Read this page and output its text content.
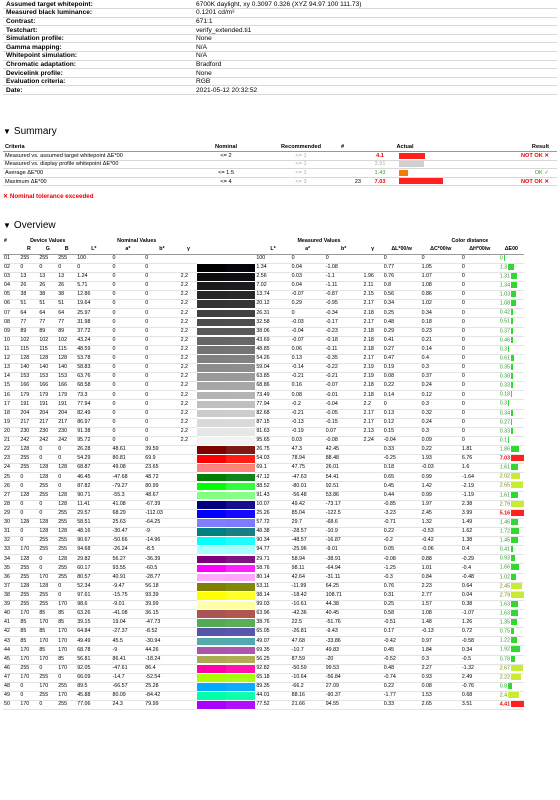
Assumed target whitepoint:	6700K daylight, xy 0.3097 0.326 (XYZ 94.97 100 111.73)
Measured black luminance:	0.1201 cd/m²
Contrast:	671:1
Testchart:	verify_extended.ti1
Simulation profile:	None
Gamma mapping:	N/A
Whitepoint simulation:	N/A
Chromatic adaptation:	Bradford
Devicelink profile:	None
Evaluation criteria:	RGB
Date:	2021-05-12 20:32:52
▼ Summary
Criteria	Nominal	Recommended	#	Actual		Result
Measured vs. assumed target whitepoint ΔE*00	<= 2	<= 1		4.1		NOT OK ✕
Measured vs. display profile whitepoint ΔE*00		<= 1		3.91		
Average ΔE*00	<= 1.5	<= 1		1.43		OK ✓
Maximum ΔE*00	<= 4	<= 3	23	7.03		NOT OK ✕
✕ Nominal tolerance exceeded
▼ Overview
#	Device Values			Nominal Values						Measured Values				Color distance			
	R	G	B	L*	a*	b*	γ			L*	a*	b*	γ	ΔL*00/w	ΔC*00/w	ΔH*00/w	ΔE00
01	255	255	255	100	0	0				100	0	0		0	0	0	0
02	0	0	0	0	0	0				1.34	0.04	-1.08		0.77	1.05	0	1.3
03	13	13	13	1.24	0	0	2.2			2.56	0.03	-1.1	1.96	0.76	1.07	0	1.31
04	26	26	26	5.71	0	0	2.2			7.02	0.04	-1.11	2.11	0.8	1.08	0	1.34
05	38	38	38	12.86	0	0	2.2			13.74	-0.07	-0.87	2.15	0.56	0.86	0	1.03
06	51	51	51	19.64	0	0	2.2			20.12	0.29	-0.95	2.17	0.34	1.02	0	1.08
07	64	64	64	25.97	0	0	2.2			26.31	0	-0.34	2.18	0.25	0.34	0	0.42
08	77	77	77	31.98	0	0	2.2			32.58	-0.03	-0.17	2.17	0.48	0.18	0	0.51
09	89	89	89	37.72	0	0	2.2			38.06	-0.04	-0.23	2.18	0.29	0.23	0	0.37
10	102	102	102	43.24	0	0	2.2			43.69	-0.07	-0.18	2.18	0.41	0.21	0	0.46
11	115	115	115	48.59	0	0	2.2			48.85	0.06	-0.11	2.18	0.27	0.14	0	0.3
12	128	128	128	53.78	0	0	2.2			54.26	0.13	-0.35	2.17	0.47	0.4	0	0.61
13	140	140	140	58.83	0	0	2.2			59.04	-0.14	-0.22	2.19	0.19	0.3	0	0.35
14	153	153	153	63.76	0	0	2.2			63.85	-0.21	-0.21	2.19	0.08	0.37	0	0.38
15	166	166	166	68.58	0	0	2.2			68.86	0.16	-0.07	2.18	0.22	0.24	0	0.33
16	179	179	179	73.3	0	0	2.2			73.49	0.08	-0.01	2.18	0.14	0.12	0	0.18
17	191	191	191	77.94	0	0	2.2			77.94	-0.2	-0.04	2.2	0	0.3	0	0.3
18	204	204	204	82.49	0	0	2.2			82.68	-0.21	-0.05	2.17	0.13	0.32	0	0.34
19	217	217	217	86.97	0	0	2.2			87.15	-0.13	-0.15	2.17	0.12	0.24	0	0.27
20	230	230	230	91.38	0	0	2.2			91.63	-0.19	0.07	2.13	0.15	0.3	0	0.33
21	242	242	242	95.72	0	0	2.2			95.65	0.03	-0.08	2.24	-0.04	0.09	0	0.1
22	128	0	0	26.28	48.61	39.59				26.75	47.3	42.45		0.33	0.22	1.81	1.86
23	255	0	0	54.29	80.81	69.9				54.03	78.94	88.48		-0.25	1.93	6.76	7.03
24	255	128	128	68.87	49.08	23.65				69.1	47.75	26.01		0.18	-0.03	1.6	1.61
25	0	128	0	46.45	-47.68	48.72				47.12	-47.63	54.41		0.65	0.99	-1.64	2.02
26	0	255	0	87.82	-79.27	80.99				88.52	-80.01	92.51		0.45	1.42	-2.19	2.65
27	128	255	128	90.71	-55.3	48.67				91.43	-56.48	53.86		0.44	0.99	-1.19	1.61
28	0	0	128	11.41	41.08	-67.39				10.07	49.42	-73.17		-0.85	1.97	2.38	2.79
29	0	0	255	29.57	68.29	-112.03				25.26	85.04	-122.5		-3.23	2.45	3.99	5.16
30	128	128	255	58.51	25.63	-64.25				57.72	29.7	-68.6		-0.71	1.32	1.49	1.46
31	0	128	128	48.16	-30.47	-9				48.38	-28.57	-10.9		0.22	-0.53	1.62	1.72
32	0	255	255	90.67	-50.66	-14.96				90.34	-48.57	-16.87		-0.2	-0.42	1.38	1.45
33	170	255	255	94.68	-26.24	-8.5				94.77	-25.96	-9.01		0.05	-0.06	0.4	0.41
34	128	0	128	29.82	56.27	-36.39				29.71	58.94	-38.91		-0.08	0.88	-0.29	0.93
35	255	0	255	60.17	93.55	-60.5				58.76	98.11	-64.94		-1.25	1.01	-0.4	1.66
36	255	170	255	80.57	40.91	-28.77				80.14	42.64	-31.11		-0.3	0.84	-0.48	1.02
37	128	128	0	52.34	-9.47	56.18				53.11	-11.99	64.25		0.76	2.23	0.64	2.45
38	255	255	0	97.61	-15.75	93.39				98.14	-18.42	108.71		0.31	2.77	0.04	2.79
39	255	255	170	98.6	-9.01	39.99				99.03	-10.61	44.38		0.25	1.57	0.38	1.63
40	170	85	85	63.26	-41.08	36.15				63.96	-42.36	40.45		0.58	1.08	-1.07	1.63
41	85	170	85	39.15	19.04	-47.73				38.76	22.5	-51.76		-0.51	1.48	1.26	1.35
42	85	85	170	64.84	-27.37	-8.52				65.05	-26.81	-9.43		0.17	-0.13	0.72	0.75
43	85	170	170	49.49	45.5	-30.94				49.07	47.68	-33.86		-0.42	0.97	-0.58	1.22
44	170	85	170	68.78	-9	44.26				69.35	-10.7	49.83		0.45	1.84	0.34	1.92
45	170	170	85	56.81	86.41	-18.24				56.25	87.59	-20		-0.52	0.3	-0.5	0.78
46	255	0	170	92.05	-47.61	86.4				92.82	-50.59	99.53		0.48	2.27	-1.32	2.67
47	170	255	0	66.09	-14.7	-52.54				65.18	-10.64	-56.84		-0.74	0.93	2.49	2.22
48	0	170	255	89.5	-66.57	25.28				89.35	-66.2	27.09		0.22	0.08	-0.76	0.8
49	0	255	170	45.88	80.09	-84.42				44.01	88.16	-90.37		-1.77	1.53	0.68	2.4
50	170	0	255	77.06	24.3	79.99				77.52	21.66	94.55		0.33	2.65	3.51	4.41
